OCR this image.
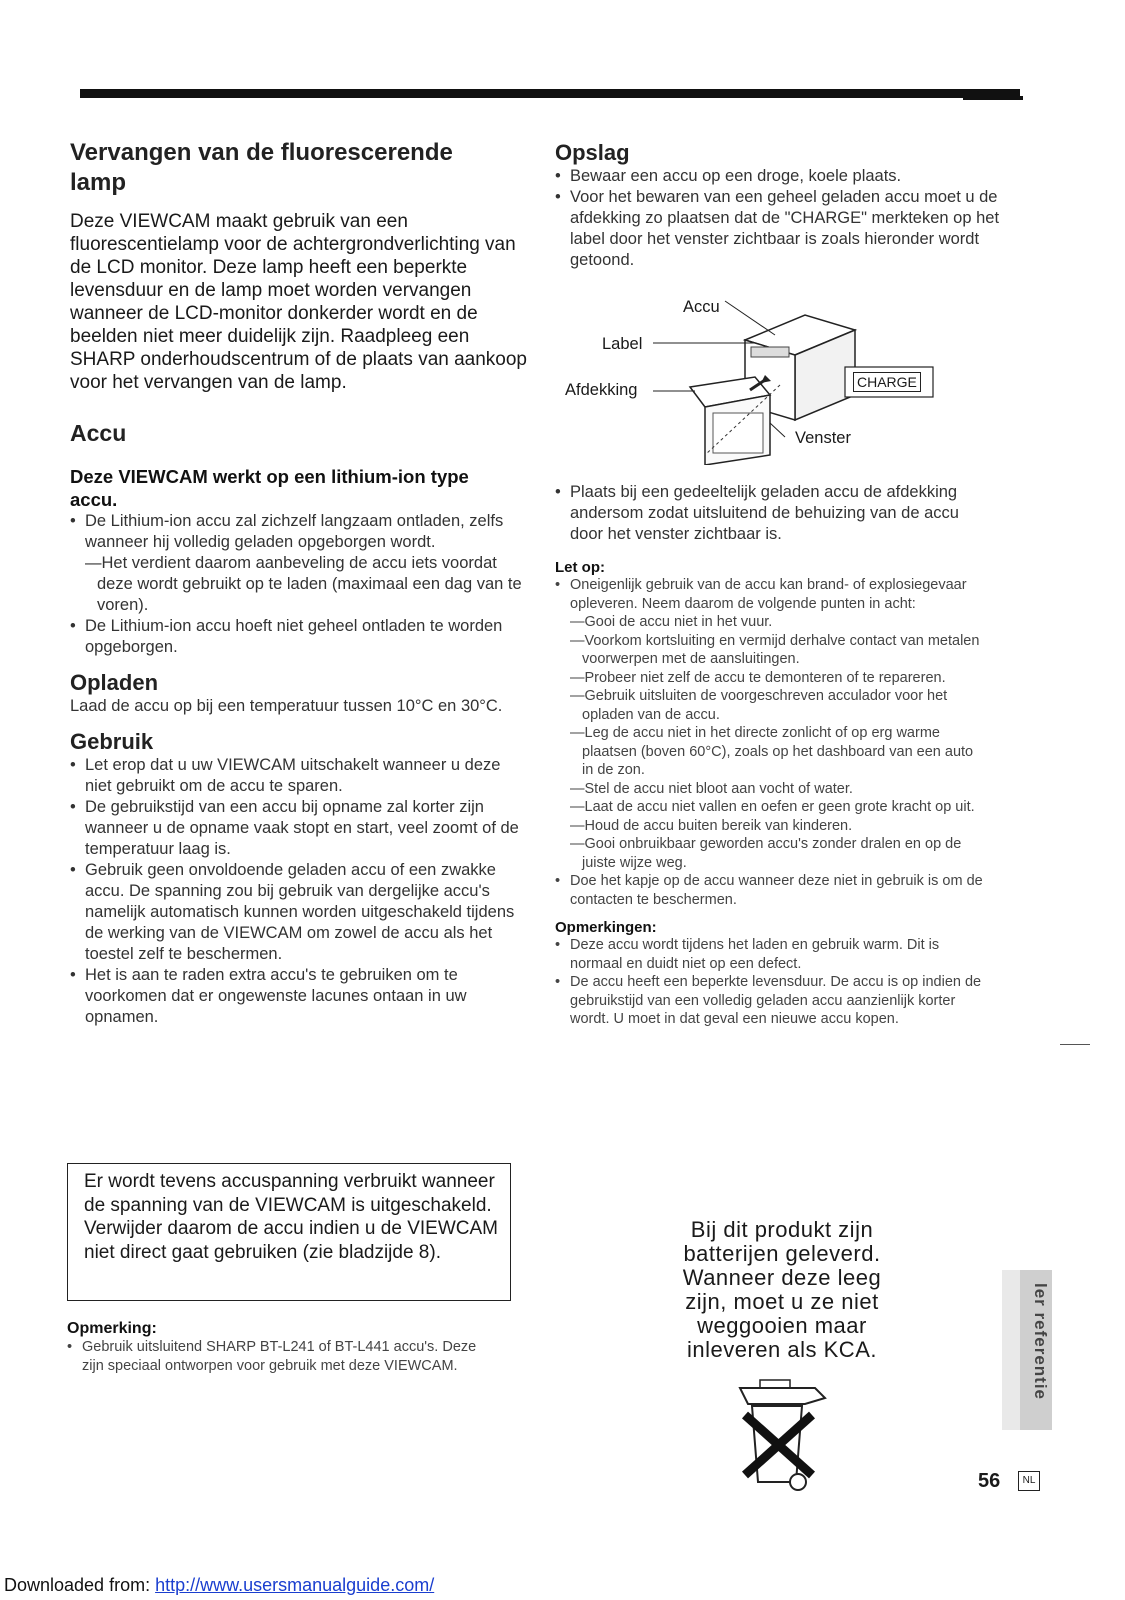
Vervangen van de fluorescerende lamp

Deze VIEWCAM maakt gebruik van een fluorescentielamp voor de achtergrondverlichting van de LCD monitor. Deze lamp heeft een beperkte levensduur en de lamp moet worden vervangen wanneer de LCD-monitor donkerder wordt en de beelden niet meer duidelijk zijn. Raadpleeg een SHARP onderhoudscentrum of de plaats van aankoop voor het vervangen van de lamp.

Accu
Deze VIEWCAM werkt op een lithium-ion type accu.
• De Lithium-ion accu zal zichzelf langzaam ontladen, zelfs wanneer hij volledig geladen opgeborgen wordt.
—Het verdient daarom aanbeveling de accu iets voordat deze wordt gebruikt op te laden (maximaal een dag van te voren).
• De Lithium-ion accu hoeft niet geheel ontladen te worden opgeborgen.
Opladen

Laad de accu op bij een temperatuur tussen 10°C en 30°C.

Gebruik
• Let erop dat u uw VIEWCAM uitschakelt wanneer u deze niet gebruikt om de accu te sparen.
• De gebruikstijd van een accu bij opname zal korter zijn wanneer u de opname vaak stopt en start, veel zoomt of de temperatuur laag is.
• Gebruik geen onvoldoende geladen accu of een zwakke accu. De spanning zou bij gebruik van dergelijke accu's namelijk automatisch kunnen worden uitgeschakeld tijdens de werking van de VIEWCAM om zowel de accu als het toestel zelf te beschermen.
• Het is aan te raden extra accu's te gebruiken om te voorkomen dat er ongewenste lacunes ontaan in uw opnamen.
Er wordt tevens accuspanning verbruikt wanneer de spanning van de VIEWCAM is uitgeschakeld. Verwijder daarom de accu indien u de VIEWCAM niet direct gaat gebruiken (zie bladzijde 8).

Opmerking:

• Gebruik uitsluitend SHARP BT-L241 of BT-L441 accu's. Deze zijn speciaal ontworpen voor gebruik met deze VIEWCAM.
Opslag
• Bewaar een accu op een droge, koele plaats.
• Voor het bewaren van een geheel geladen accu moet u de afdekking zo plaatsen dat de "CHARGE" merkteken op het label door het venster zichtbaar is zoals hieronder wordt getoond.
Accu
Label
Afdekking	CHARGE
Venster
• Plaats bij een gedeeltelijk geladen accu de afdekking andersom zodat uitsluitend de behuizing van de accu door het venster zichtbaar is.

Let op:

• Oneigenlijk gebruik van de accu kan brand- of explosiegevaar opleveren. Neem daarom de volgende punten in acht:
—Gooi de accu niet in het vuur.
—Voorkom kortsluiting en vermijd derhalve contact van metalen voorwerpen met de aansluitingen.
—Probeer niet zelf de accu te demonteren of te repareren.
—Gebruik uitsluiten de voorgeschreven acculador voor het opladen van de accu.
—Leg de accu niet in het directe zonlicht of op erg warme plaatsen (boven 60°C), zoals op het dashboard van een auto in de zon.
—Stel de accu niet bloot aan vocht of water.
—Laat de accu niet vallen en oefen er geen grote kracht op uit.
—Houd de accu buiten bereik van kinderen.
—Gooi onbruikbaar geworden accu's zonder dralen en op de juiste wijze weg.
• Doe het kapje op de accu wanneer deze niet in gebruik is om de contacten te beschermen.

Opmerkingen:

• Deze accu wordt tijdens het laden en gebruik warm. Dit is normaal en duidt niet op een defect.
• De accu heeft een beperkte levensduur. De accu is op indien de gebruikstijd van een volledig geladen accu aanzienlijk korter wordt. U moet in dat geval een nieuwe accu kopen.
Bij dit produkt zijn batterijen geleverd. Wanneer deze leeg zijn, moet u ze niet weggooien maar inleveren als KCA.	ler referentie
56	NL
Downloaded from: http://www.usersmanualguide.com/
